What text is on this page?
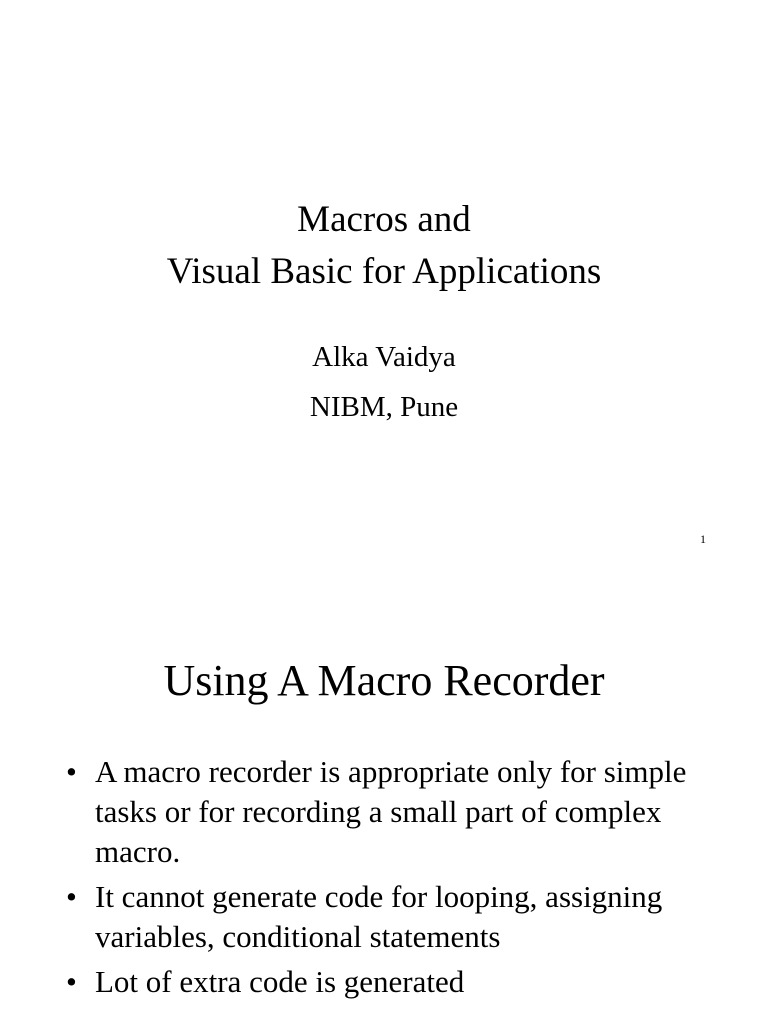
Macros and
Visual Basic for Applications
Alka Vaidya
NIBM, Pune
1
Using A Macro Recorder
• A macro recorder is appropriate only for simple tasks or for recording a small part of complex macro.
• It cannot generate code for looping, assigning variables, conditional statements
• Lot of extra code is generated
